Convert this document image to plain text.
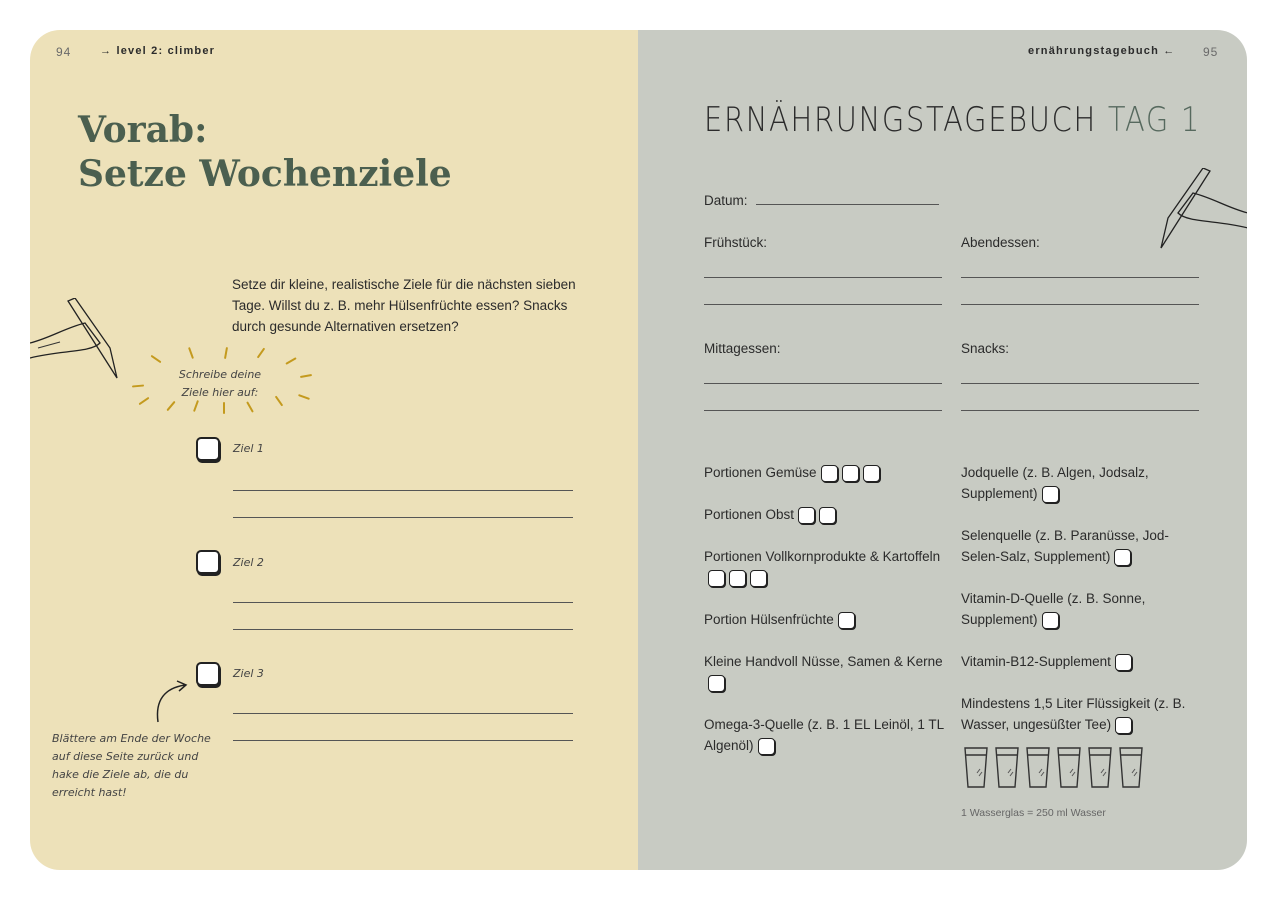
94	→ level 2: climber
Vorab:
Setze Wochenziele
Setze dir kleine, realistische Ziele für die nächsten sieben Tage. Willst du z. B. mehr Hülsenfrüchte essen? Snacks durch gesunde Alternativen ersetzen?
Schreibe deine Ziele hier auf:
Ziel 1
Ziel 2
Ziel 3
Blättere am Ende der Woche auf diese Seite zurück und hake die Ziele ab, die du erreicht hast!
ernährungstagebuch ← 95
ERNÄHRUNGSTAGEBUCH TAG 1
Datum:
Frühstück:	Abendessen:
Mittagessen:	Snacks:
Portionen Gemüse
Portionen Obst
Portionen Vollkornprodukte & Kartoffeln
Portion Hülsenfrüchte
Kleine Handvoll Nüsse, Samen & Kerne
Omega-3-Quelle (z. B. 1 EL Leinöl, 1 TL Algenöl)
Jodquelle (z. B. Algen, Jodsalz, Supplement)
Selenquelle (z. B. Paranüsse, Jod-Selen-Salz, Supplement)
Vitamin-D-Quelle (z. B. Sonne, Supplement)
Vitamin-B12-Supplement
Mindestens 1,5 Liter Flüssigkeit (z. B. Wasser, ungesüßter Tee)
1 Wasserglas = 250 ml Wasser
